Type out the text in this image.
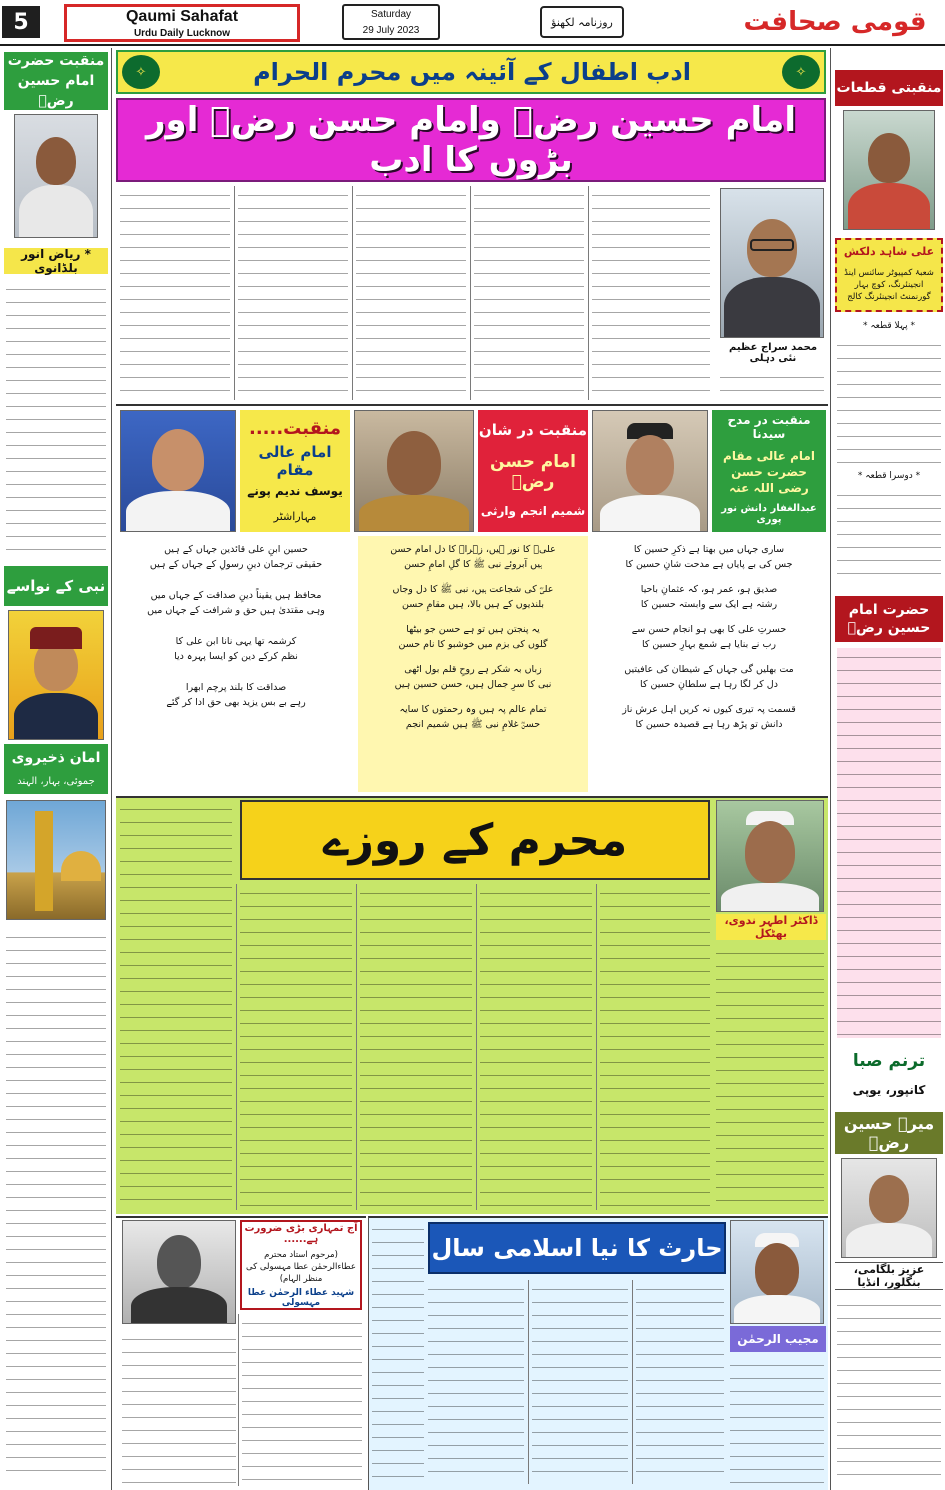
5	Qaumi Sahafat
Urdu Daily Lucknow
Saturday
29 July 2023
روزنامہ لکھنؤ	قومی صحافت
منقبت حضرت امام حسین رضؓ
* ریاض انور بلڈانوی
نبی کے نواسے
امان ذخیروی
جموئی، بہار، الہند
منقبتی قطعات
علی شاہد دلکش
شعبۂ کمپیوٹر سائنس اینڈ انجینئرنگ، کوچ بہار گورنمنٹ انجینئرنگ کالج
* پہلا قطعہ *
* دوسرا قطعہ *
حضرت امام حسین رضؓ
ترنم صبا
کانپور، یوپی
میرے حسین رضؓ
عزیز بلگامی، بنگلور، انڈیا
✧	✧
ادب اطفال کے آئینہ میں محرم الحرام
امام حسین رضؓ وامام حسن رضؓ اور بڑوں کا ادب
محمد سراج عظیم نئی دہلی
منقبت.....
امام عالی مقام
یوسف ندیم پونے
مہاراشٹر
منقبت در شان
امام حسن رضؓ
شمیم انجم وارثی
منقبت در مدح سیدنا
امام عالی مقام حضرت حسن رضی اللہ عنہ
عبدالغفار دانش نور پوری
حسین ابنِ علی قائدین جہاں کے ہیں
حقیقی ترجمان دینِ رسولِ کے جہاں کے ہیں
محافظ ہیں یقیناً دینِ صداقت کے جہاں میں
وہی مقتدیٰ ہیں حق و شرافت کے جہاں میں
کرشمہ تھا یہی نانا ابن علی کا
نظم کرکے دین کو ایسا پہرہ دیا
صداقت کا بلند پرچم ابھرا
رہے بے بس یزید بھی حق ادا کر گئے
علیؓ کا نور ہیں، زہراؓ کا دل امام حسن
ہیں آبروئے نبی ﷺ کا گلِ امامِ حسن
علیؓ کی شجاعت ہیں، نبی ﷺ کا دل وجاں
بلندیوں کے ہیں بالا، ہیں مقامِ حسن
یہ پنجتن ہیں تو ہے حسن جو بیٹھا
گلوں کی بزم میں خوشبو کا نام حسن
زباں بہ شکر ہے روحِ قلم بول اٹھی
نبی کا سرِ جمال ہیں، حسن حسین ہیں
تمام عالم پہ ہیں وہ رحمتوں کا سایہ
حسنؓ غلامِ نبی ﷺ ہیں شمیم انجم
ساری جہاں میں بھتا ہے ذکرِ حسین کا
جس کی بے پایاں ہے مدحت شانِ حسین کا
صدیق ہو، عمر ہو، کہ عثمانِ باحیا
رشتہ ہے ایک سے وابستہ حسین کا
حسرتِ علی کا بھی ہو انجام حسن سے
رب نے بنایا ہے شمع بہارِ حسین کا
مت بھلیں گی جہاں کے شیطان کی عافیتیں
دل کر لگا رہا ہے سلطانِ حسین کا
قسمت پہ تیری کیوں نہ کریں اہل عرش ناز
دانش تو پڑھ رہا ہے قصیدہ حسین کا
محرم کے روزے
ڈاکٹر اطہر ندوی، بھٹکل
آج تمہاری بڑی ضرورت ہے......
(مرحوم استاد محترم عطاءالرحمٰن عطا مہسولی کی منظر الہام)
شہید عطاء الرحمٰن عطا مہسولی
حارث کا نیا اسلامی سال
مجیب الرحمٰن
